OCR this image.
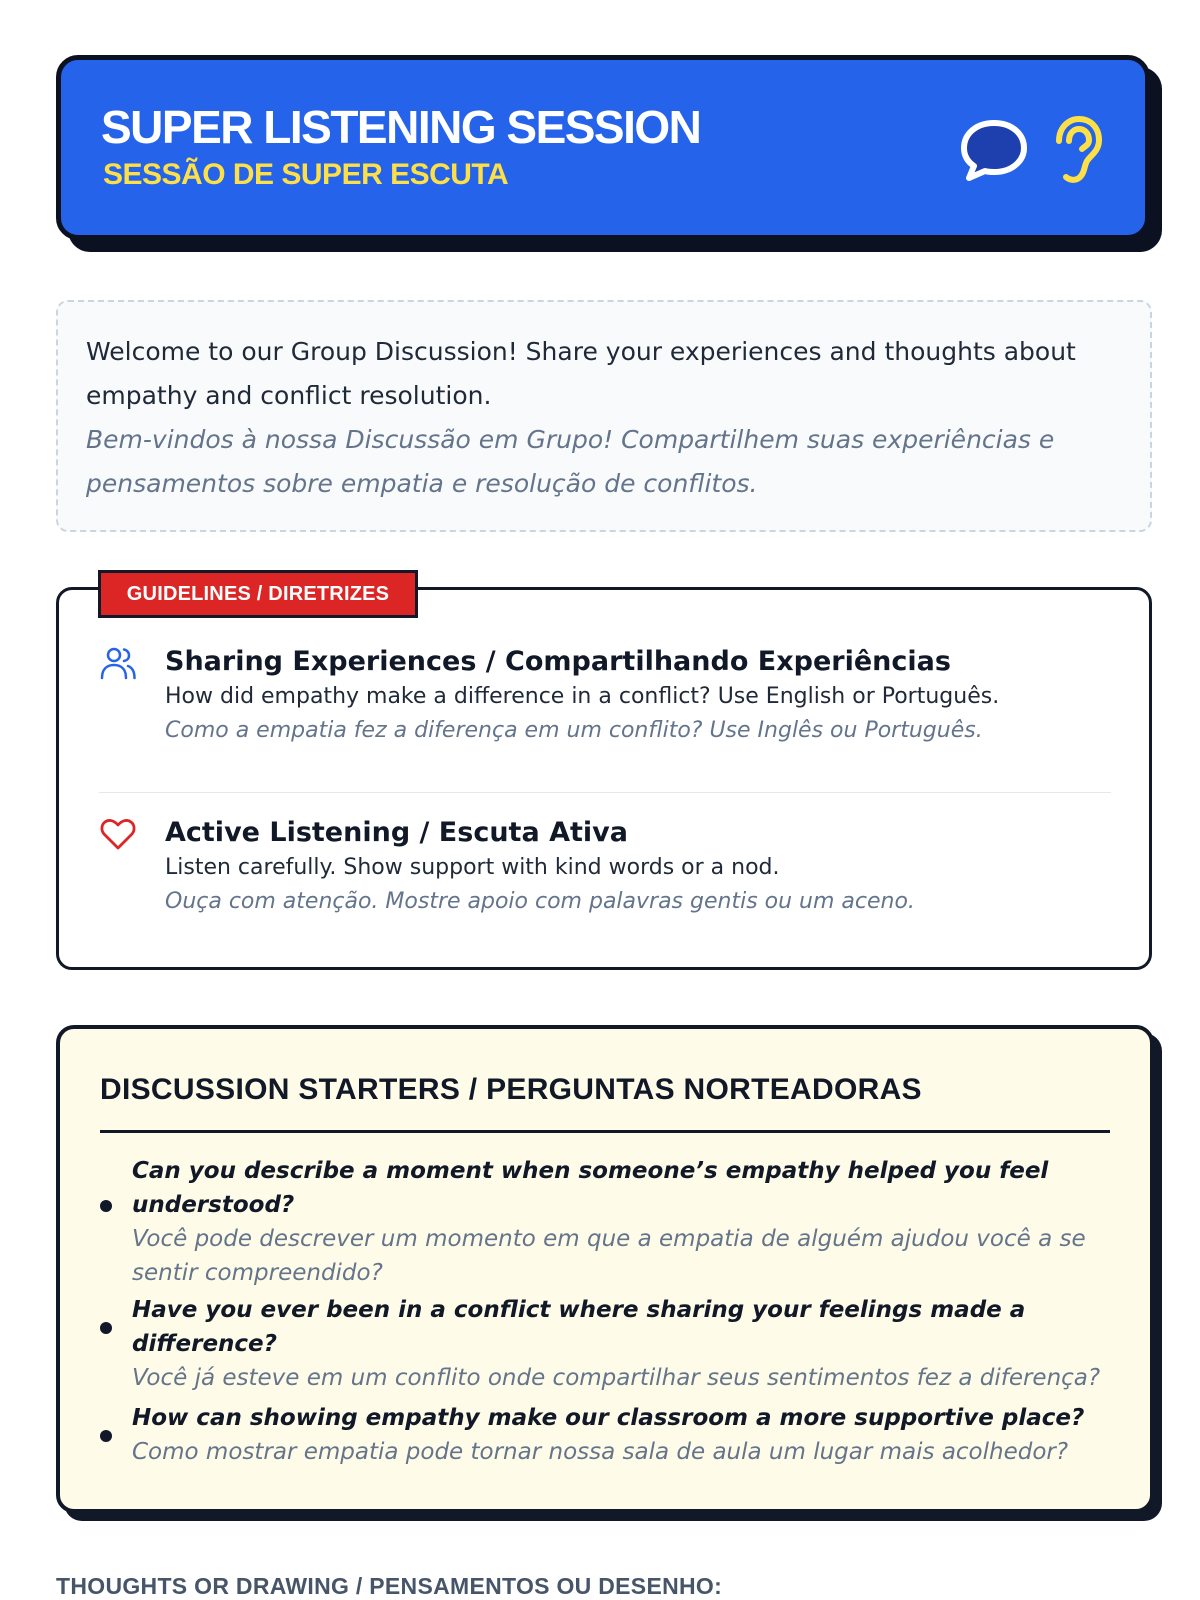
SUPER LISTENING SESSION
SESSÃO DE SUPER ESCUTA
Welcome to our Group Discussion! Share your experiences and thoughts about empathy and conflict resolution.
Bem-vindos à nossa Discussão em Grupo! Compartilhem suas experiências e pensamentos sobre empatia e resolução de conflitos.
Sharing Experiences / Compartilhando Experiências
How did empathy make a difference in a conflict? Use English or Português.
Como a empatia fez a diferença em um conflito? Use Inglês ou Português.
Active Listening / Escuta Ativa
Listen carefully. Show support with kind words or a nod.
Ouça com atenção. Mostre apoio com palavras gentis ou um aceno.
GUIDELINES / DIRETRIZES
DISCUSSION STARTERS / PERGUNTAS NORTEADORAS
Can you describe a moment when someone’s empathy helped you feel understood?
Você pode descrever um momento em que a empatia de alguém ajudou você a se sentir compreendido?
Have you ever been in a conflict where sharing your feelings made a difference?
Você já esteve em um conflito onde compartilhar seus sentimentos fez a diferença?
How can showing empathy make our classroom a more supportive place?
Como mostrar empatia pode tornar nossa sala de aula um lugar mais acolhedor?
THOUGHTS OR DRAWING / PENSAMENTOS OU DESENHO:
